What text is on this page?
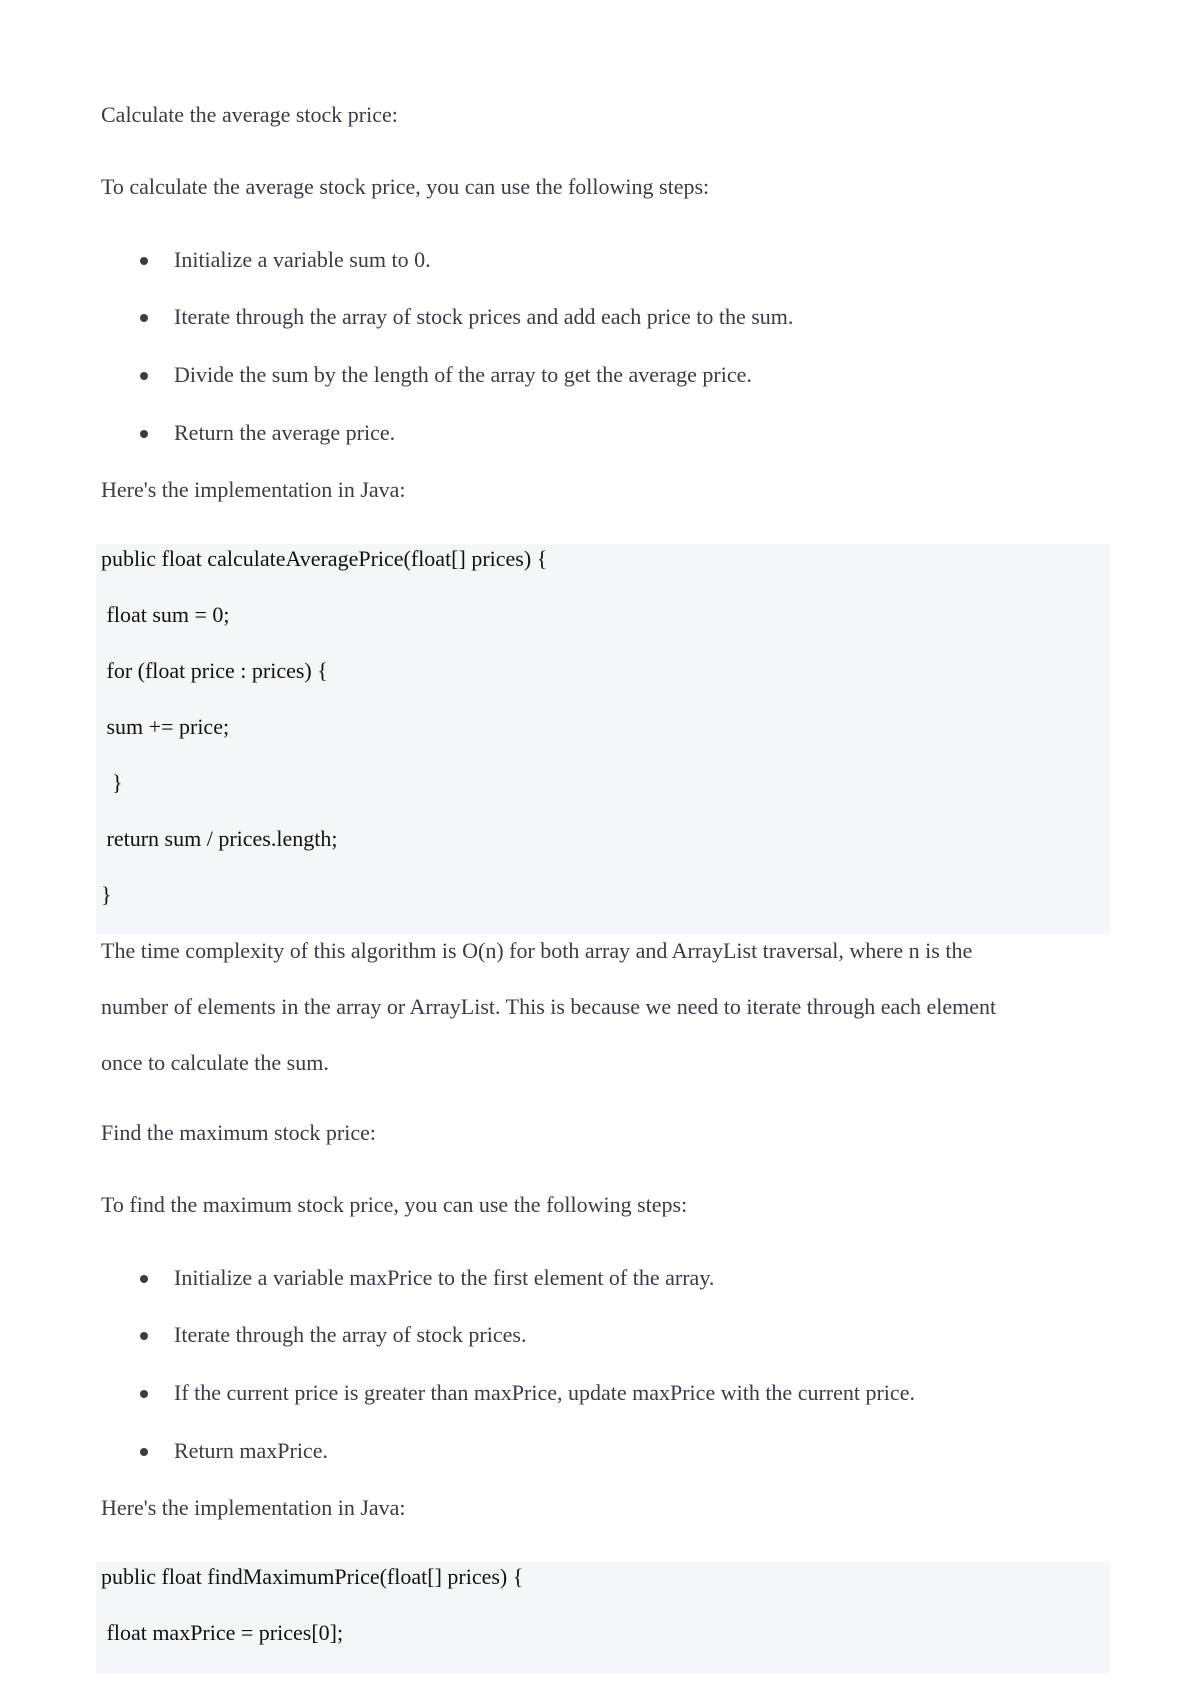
Calculate the average stock price:
To calculate the average stock price, you can use the following steps:
Initialize a variable sum to 0.
Iterate through the array of stock prices and add each price to the sum.
Divide the sum by the length of the array to get the average price.
Return the average price.
Here's the implementation in Java:
public float calculateAveragePrice(float[] prices) {
float sum = 0;
for (float price : prices) {
sum += price;
}
return sum / prices.length;
}
The time complexity of this algorithm is O(n) for both array and ArrayList traversal, where n is the
number of elements in the array or ArrayList. This is because we need to iterate through each element
once to calculate the sum.
Find the maximum stock price:
To find the maximum stock price, you can use the following steps:
Initialize a variable maxPrice to the first element of the array.
Iterate through the array of stock prices.
If the current price is greater than maxPrice, update maxPrice with the current price.
Return maxPrice.
Here's the implementation in Java:
public float findMaximumPrice(float[] prices) {
float maxPrice = prices[0];
